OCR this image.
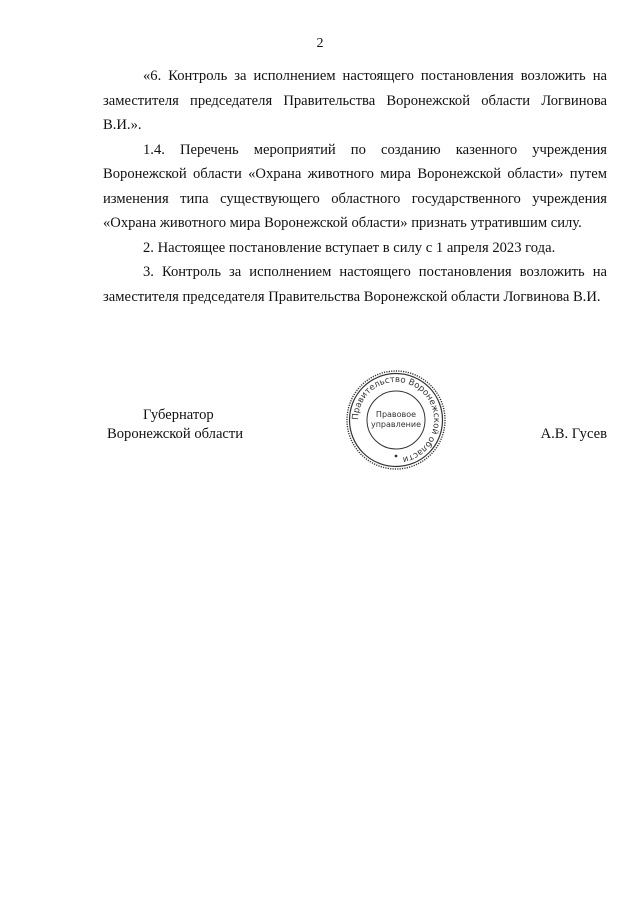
2

«6. Контроль за исполнением настоящего постановления возложить на заместителя председателя Правительства Воронежской области Логвинова В.И.».

1.4. Перечень мероприятий по созданию казенного учреждения Воронежской области «Охрана животного мира Воронежской области» путем изменения типа существующего областного государственного учреждения «Охрана животного мира Воронежской области» признать утратившим силу.

2. Настоящее постановление вступает в силу с 1 апреля 2023 года.

3. Контроль за исполнением настоящего постановления возложить на заместителя председателя Правительства Воронежской области Логвинова В.И.

Губернатор
Воронежской области
Правительство Воронежской области
Правовое
управление
А.В. Гусев
